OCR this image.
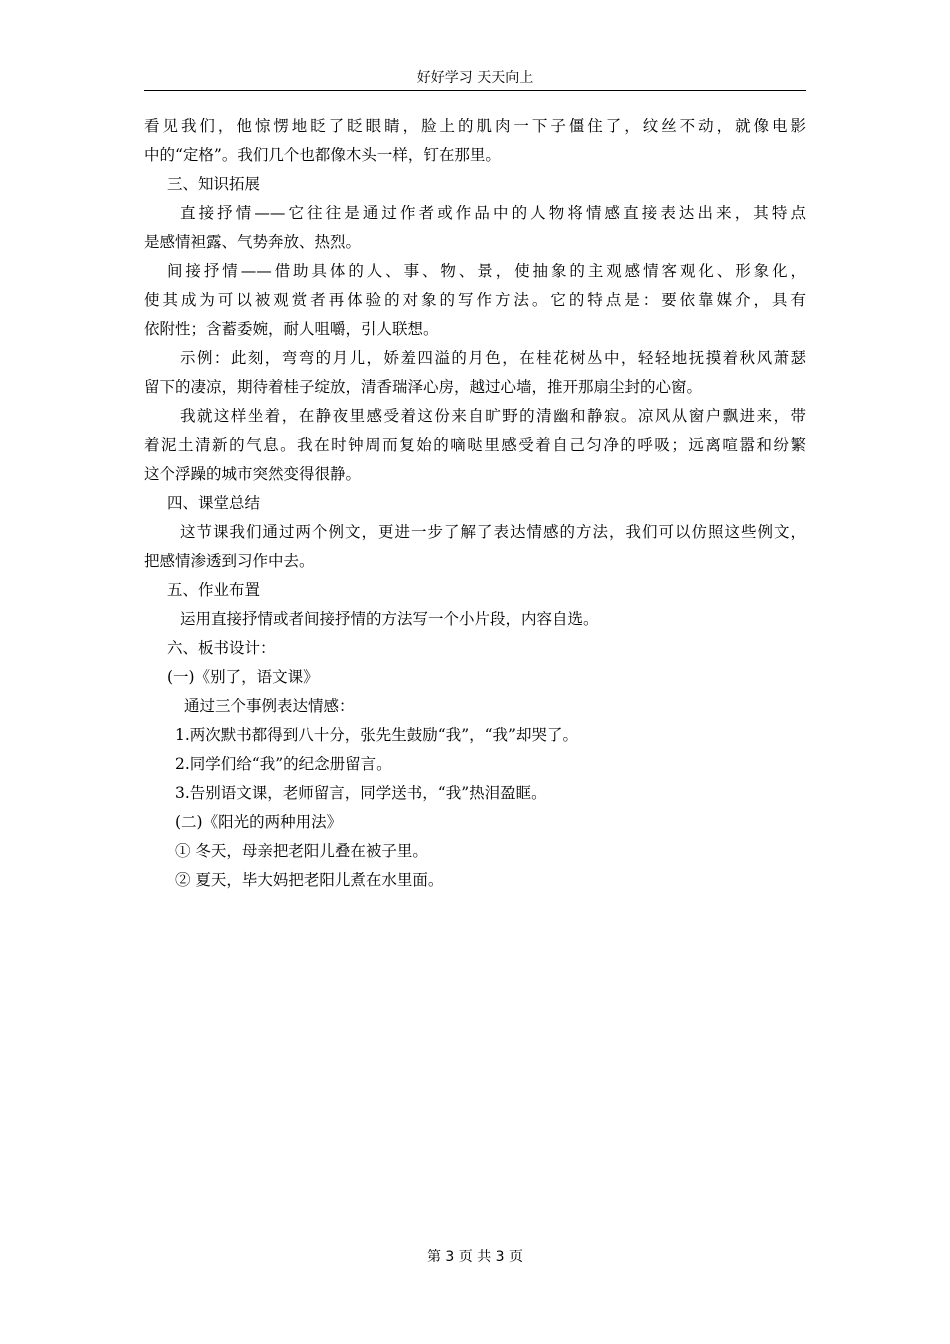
好好学习 天天向上

看见我们，他惊愣地眨了眨眼睛，脸上的肌肉一下子僵住了，纹丝不动，就像电影

中的“定格”。我们几个也都像木头一样，钉在那里。

三、知识拓展

直接抒情——它往往是通过作者或作品中的人物将情感直接表达出来，其特点

是感情袒露、气势奔放、热烈。

间接抒情——借助具体的人、事、物、景，使抽象的主观感情客观化、形象化，

使其成为可以被观赏者再体验的对象的写作方法。它的特点是：要依靠媒介，具有

依附性；含蓄委婉，耐人咀嚼，引人联想。

示例：此刻，弯弯的月儿，娇羞四溢的月色，在桂花树丛中，轻轻地抚摸着秋风萧瑟

留下的凄凉，期待着桂子绽放，清香瑞泽心房，越过心墙，推开那扇尘封的心窗。

我就这样坐着，在静夜里感受着这份来自旷野的清幽和静寂。凉风从窗户飘进来，带

着泥土清新的气息。我在时钟周而复始的嘀哒里感受着自己匀净的呼吸；远离喧嚣和纷繁

这个浮躁的城市突然变得很静。

四、课堂总结

这节课我们通过两个例文，更进一步了解了表达情感的方法，我们可以仿照这些例文，

把感情渗透到习作中去。

五、作业布置

运用直接抒情或者间接抒情的方法写一个小片段，内容自选。

六、板书设计：

(一)《别了，语文课》

通过三个事例表达情感：

1.两次默书都得到八十分，张先生鼓励“我”，“我”却哭了。

2.同学们给“我”的纪念册留言。

3.告别语文课，老师留言，同学送书，“我”热泪盈眶。

(二)《阳光的两种用法》

① 冬天，母亲把老阳儿叠在被子里。

② 夏天，毕大妈把老阳儿煮在水里面。

第 3 页 共 3 页
